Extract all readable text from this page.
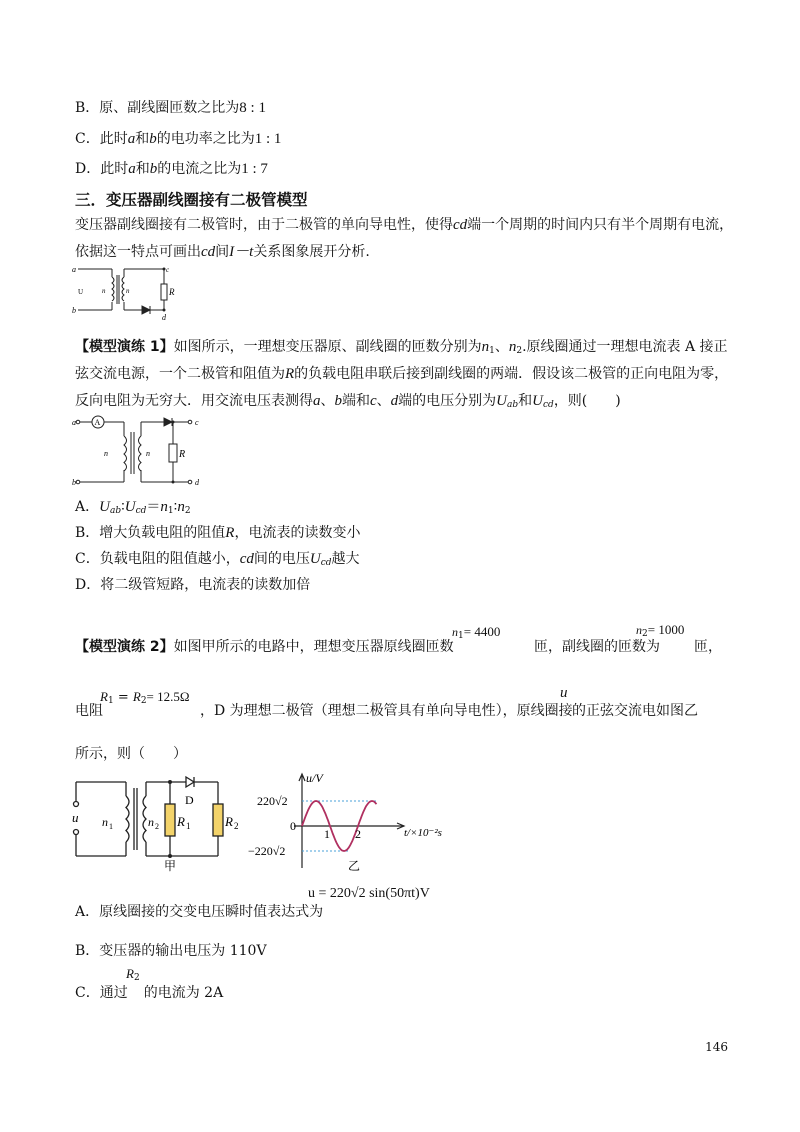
B．原、副线圈匝数之比为8 : 1
C．此时a和b的电功率之比为1 : 1
D．此时a和b的电流之比为1 : 7
三．变压器副线圈接有二极管模型
变压器副线圈接有二极管时，由于二极管的单向导电性，使得cd端一个周期的时间内只有半个周期有电流，
依据这一特点可画出cd间I－t关系图象展开分析.
a
b
U	n	n	R
c
d
【模型演练 1】如图所示，一理想变压器原、副线圈的匝数分别为$n_1$、$n_2$.原线圈通过一理想电流表 A 接正
弦交流电源，一个二极管和阻值为R的负载电阻串联后接到副线圈的两端．假设该二极管的正向电阻为零，
反向电阻为无穷大．用交流电压表测得a、b端和c、d端的电压分别为$U_{ab}$和$U_{cd}$，则(　　)
A
a
b
n	n	R
c
d
A．$U_{ab}∶U_{cd}=n_1∶n_2$
B．增大负载电阻的阻值R，电流表的读数变小
C．负载电阻的阻值越小，cd间的电压$U_{cd}$越大
D．将二级管短路，电流表的读数加倍
【模型演练 2】如图甲所示的电路中，理想变压器原线圈匝数
$n_1= 4400$
匝，副线圈的匝数为
$n_2= 1000$
匝，
$R_1 = R_2= 12.5\Omega$
电阻	，D 为理想二极管（理想二极管具有单向导电性），原线圈接
u
的正弦交流电如图乙
所示，则（　　）
u n 1	n 2 R 1	R 2
D
甲
u/V
220√2
0
−220√2
1 2	t/×10⁻²s
乙
A．原线圈接的交变电压瞬时值表达式为
u = 220√2 sin(50πt)V
B．变压器的输出电压为 110V
C．通过 的电流为 2A
$R_2$
146
